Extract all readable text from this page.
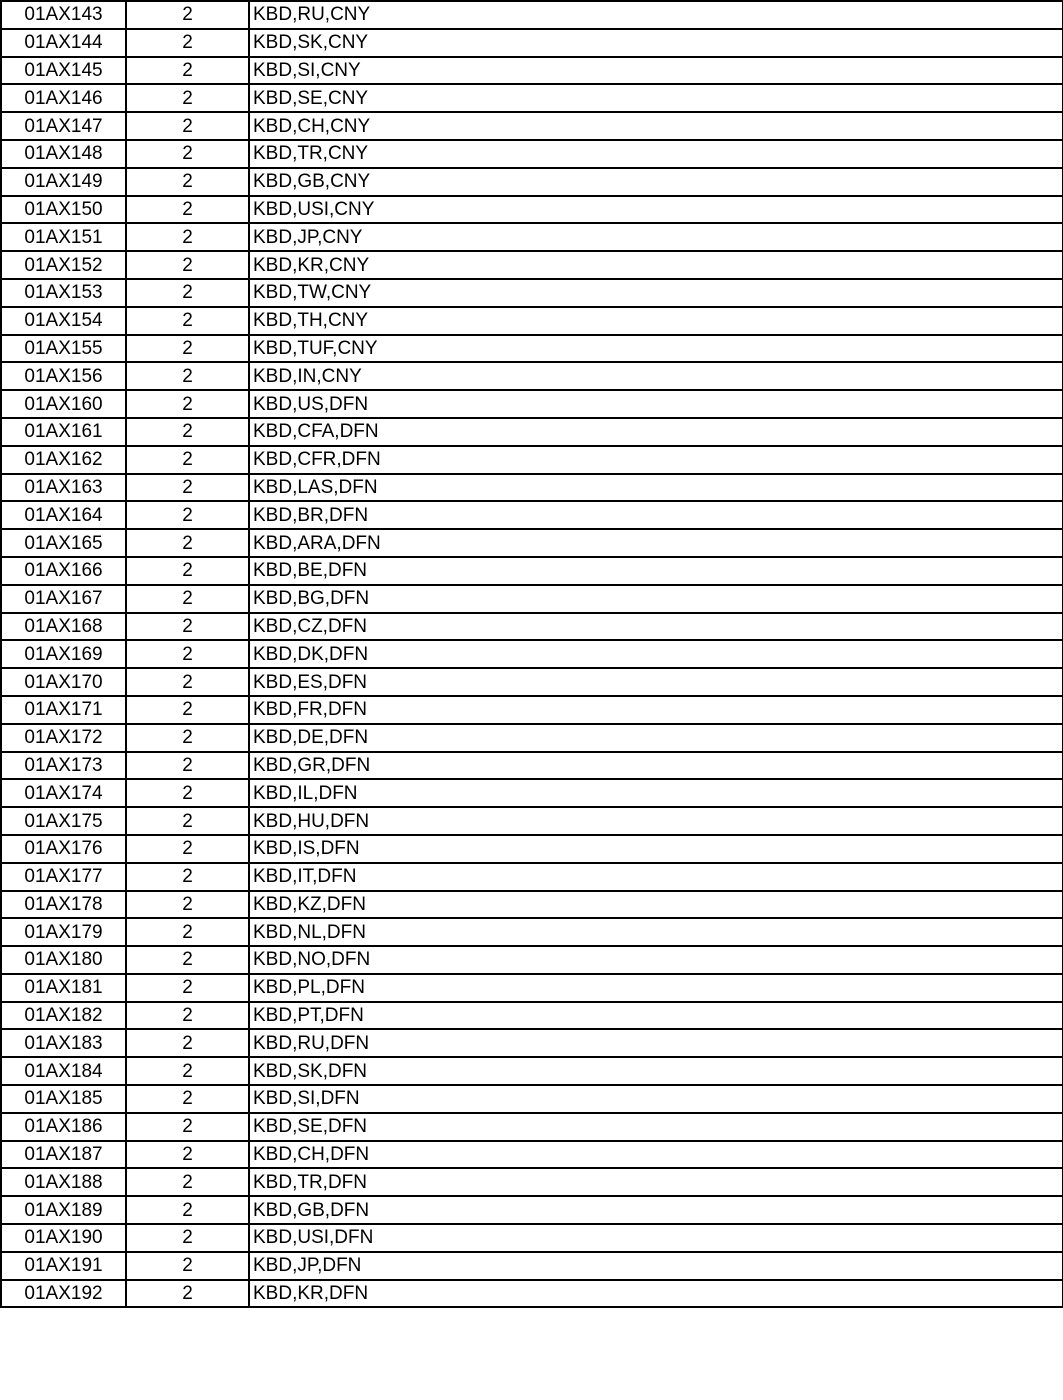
01AX143	2	KBD,RU,CNY
01AX144	2	KBD,SK,CNY
01AX145	2	KBD,SI,CNY
01AX146	2	KBD,SE,CNY
01AX147	2	KBD,CH,CNY
01AX148	2	KBD,TR,CNY
01AX149	2	KBD,GB,CNY
01AX150	2	KBD,USI,CNY
01AX151	2	KBD,JP,CNY
01AX152	2	KBD,KR,CNY
01AX153	2	KBD,TW,CNY
01AX154	2	KBD,TH,CNY
01AX155	2	KBD,TUF,CNY
01AX156	2	KBD,IN,CNY
01AX160	2	KBD,US,DFN
01AX161	2	KBD,CFA,DFN
01AX162	2	KBD,CFR,DFN
01AX163	2	KBD,LAS,DFN
01AX164	2	KBD,BR,DFN
01AX165	2	KBD,ARA,DFN
01AX166	2	KBD,BE,DFN
01AX167	2	KBD,BG,DFN
01AX168	2	KBD,CZ,DFN
01AX169	2	KBD,DK,DFN
01AX170	2	KBD,ES,DFN
01AX171	2	KBD,FR,DFN
01AX172	2	KBD,DE,DFN
01AX173	2	KBD,GR,DFN
01AX174	2	KBD,IL,DFN
01AX175	2	KBD,HU,DFN
01AX176	2	KBD,IS,DFN
01AX177	2	KBD,IT,DFN
01AX178	2	KBD,KZ,DFN
01AX179	2	KBD,NL,DFN
01AX180	2	KBD,NO,DFN
01AX181	2	KBD,PL,DFN
01AX182	2	KBD,PT,DFN
01AX183	2	KBD,RU,DFN
01AX184	2	KBD,SK,DFN
01AX185	2	KBD,SI,DFN
01AX186	2	KBD,SE,DFN
01AX187	2	KBD,CH,DFN
01AX188	2	KBD,TR,DFN
01AX189	2	KBD,GB,DFN
01AX190	2	KBD,USI,DFN
01AX191	2	KBD,JP,DFN
01AX192	2	KBD,KR,DFN
